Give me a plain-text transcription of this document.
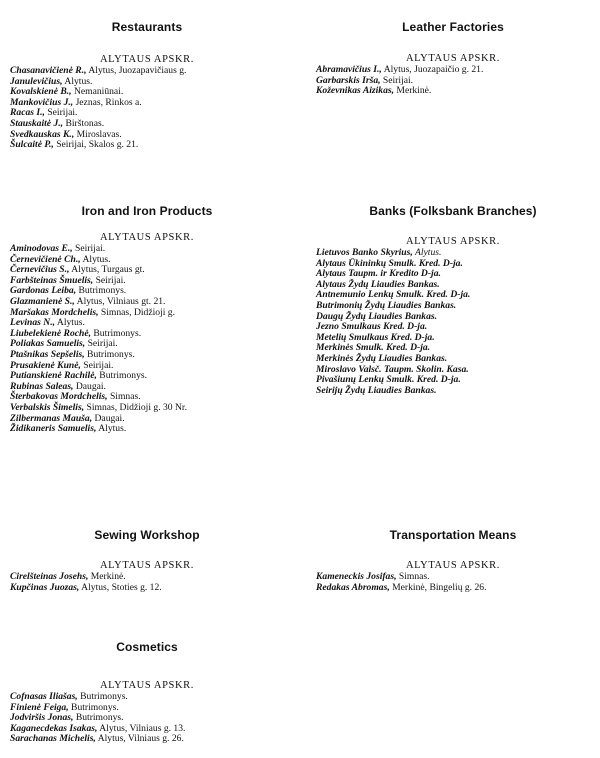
Restaurants
ALYTAUS APSKR.
Chasanavičienė R., Alytus, Juozapavičiaus g.
Janulevičius, Alytus.
Kovalskienė B., Nemaniūnai.
Mankovičius J., Jeznas, Rinkos a.
Racas I., Seirijai.
Stauskaitė J., Birštonas.
Svedkauskas K., Miroslavas.
Šulcaitė P., Seirijai, Skalos g. 21.
Leather Factories
ALYTAUS APSKR.
Abramavičius I., Alytus, Juozapaičio g. 21.
Garbarskis Irša, Seirijai.
Koževnikas Aizikas, Merkinė.
Iron and Iron Products
ALYTAUS APSKR.
Aminodovas E., Seirijai.
Černevičienė Ch., Alytus.
Černevičius S., Alytus, Turgaus gt.
Farbšteinas Šmuelis, Seirijai.
Gardonas Leiba, Butrimonys.
Glazmanienė S., Alytus, Vilniaus gt. 21.
Maršakas Mordchelis, Simnas, Didžioji g.
Levinas N., Alytus.
Liubelekienė Rochė, Butrimonys.
Poliakas Samuelis, Seirijai.
Ptašnikas Sepšelis, Butrimonys.
Prusakienė Kunė, Seirijai.
Putianskienė Rachilė, Butrimonys.
Rubinas Saleas, Daugai.
Šterbakovas Mordchelis, Simnas.
Verbalskis Šimelis, Simnas, Didžioji g. 30 Nr.
Zilbermanas Mauša, Daugai.
Židikaneris Samuelis, Alytus.
Banks (Folksbank Branches)
ALYTAUS APSKR.
Lietuvos Banko Skyrius, Alytus.
Alytaus Ūkininkų Smulk. Kred. D-ja.
Alytaus Taupm. ir Kredito D-ja.
Alytaus Žydų Liaudies Bankas.
Antnemunio Lenkų Smulk. Kred. D-ja.
Butrimonių Žydų Liaudies Bankas.
Daugų Žydų Liaudies Bankas.
Jezno Smulkaus Kred. D-ja.
Metelių Smulkaus Kred. D-ja.
Merkinės Smulk. Kred. D-ja.
Merkinės Žydų Liaudies Bankas.
Miroslavo Valsč. Taupm. Skolin. Kasa.
Pivašiunų Lenkų Smulk. Kred. D-ja.
Seirijų Žydų Liaudies Bankas.
Sewing Workshop
ALYTAUS APSKR.
Cirelšteinas Josehs, Merkinė.
Kupčinas Juozas, Alytus, Stoties g. 12.
Transportation Means
ALYTAUS APSKR.
Kameneckis Josifas, Simnas.
Redakas Abromas, Merkinė, Bingelių g. 26.
Cosmetics
ALYTAUS APSKR.
Cofnasas Iliašas, Butrimonys.
Finienė Feiga, Butrimonys.
Jodviršis Jonas, Butrimonys.
Kaganecdekas Isakas, Alytus, Vilniaus g. 13.
Sarachanas Michelis, Alytus, Vilniaus g. 26.
